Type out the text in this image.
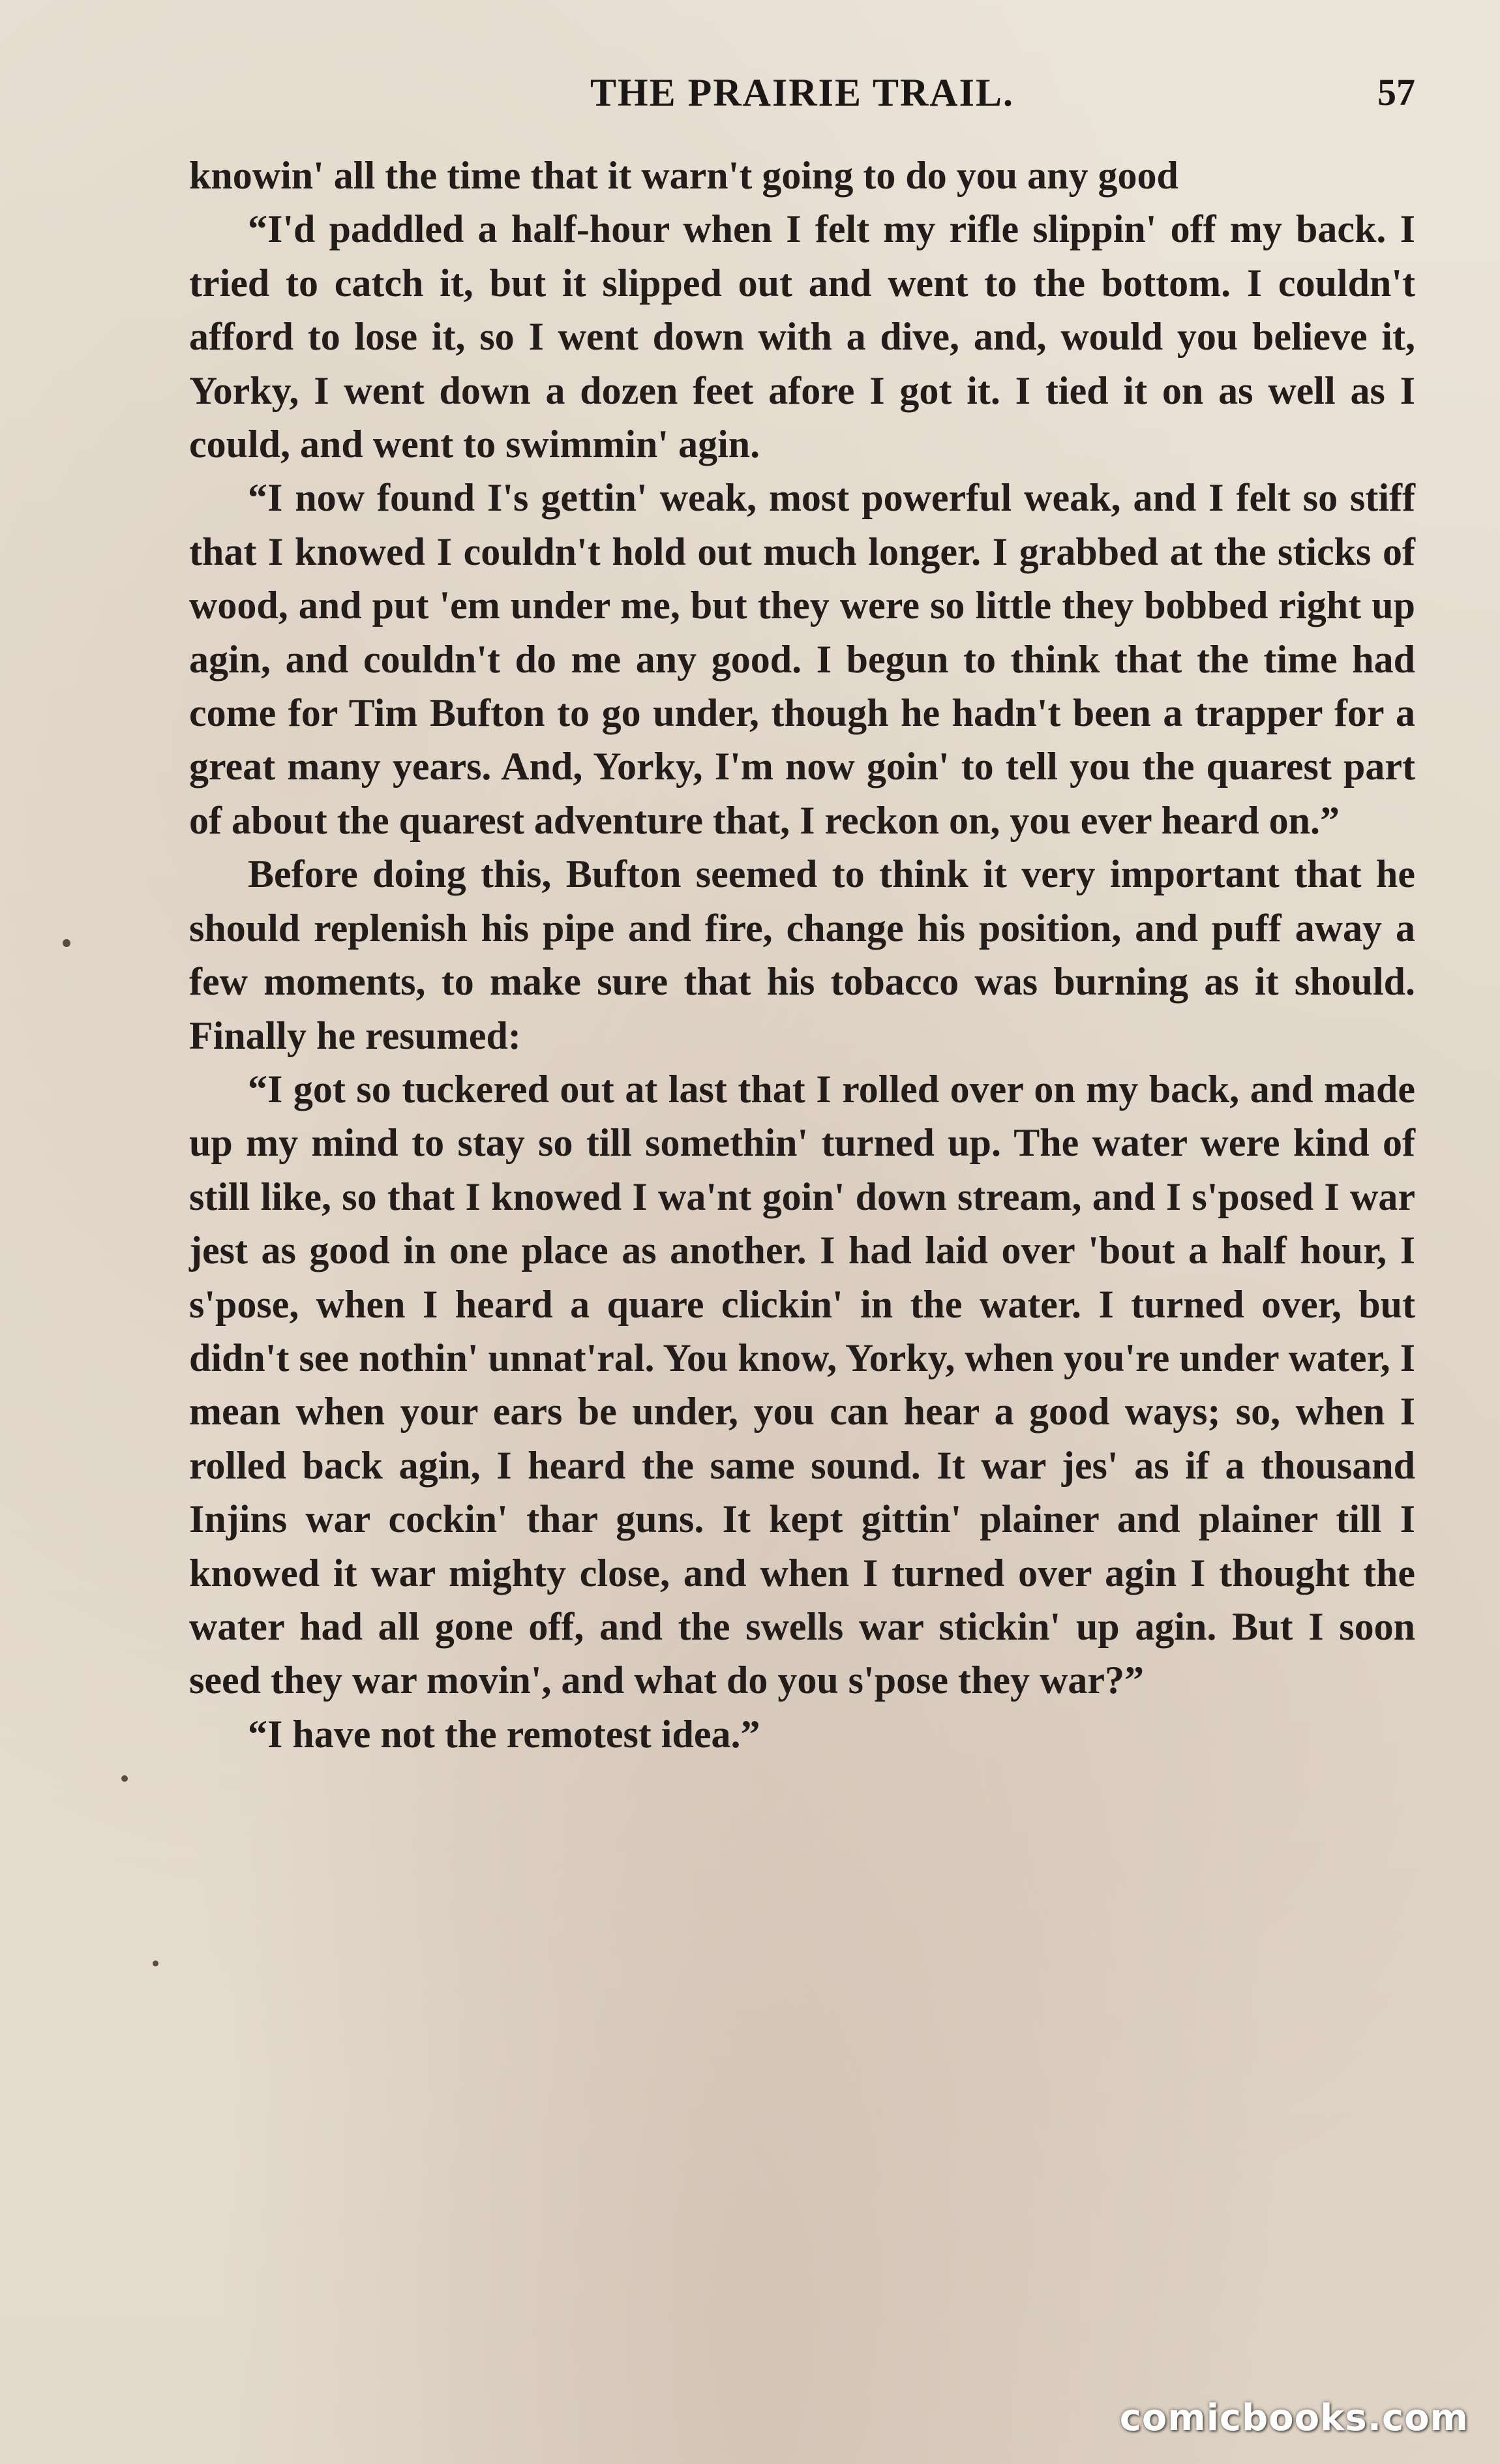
THE PRAIRIE TRAIL.	57

knowin' all the time that it warn't going to do you any good

“I'd paddled a half-hour when I felt my rifle slippin' off my back. I tried to catch it, but it slipped out and went to the bottom. I couldn't afford to lose it, so I went down with a dive, and, would you believe it, Yorky, I went down a dozen feet afore I got it. I tied it on as well as I could, and went to swimmin' agin.

“I now found I's gettin' weak, most powerful weak, and I felt so stiff that I knowed I couldn't hold out much longer. I grabbed at the sticks of wood, and put 'em under me, but they were so little they bobbed right up agin, and couldn't do me any good. I begun to think that the time had come for Tim Bufton to go under, though he hadn't been a trapper for a great many years. And, Yorky, I'm now goin' to tell you the quarest part of about the quarest adventure that, I reckon on, you ever heard on.”

Before doing this, Bufton seemed to think it very important that he should replenish his pipe and fire, change his position, and puff away a few moments, to make sure that his tobacco was burning as it should. Finally he resumed:

“I got so tuckered out at last that I rolled over on my back, and made up my mind to stay so till somethin' turned up. The water were kind of still like, so that I knowed I wa'nt goin' down stream, and I s'posed I war jest as good in one place as another. I had laid over 'bout a half hour, I s'pose, when I heard a quare clickin' in the water. I turned over, but didn't see nothin' unnat'ral. You know, Yorky, when you're under water, I mean when your ears be under, you can hear a good ways; so, when I rolled back agin, I heard the same sound. It war jes' as if a thousand Injins war cockin' thar guns. It kept gittin' plainer and plainer till I knowed it war mighty close, and when I turned over agin I thought the water had all gone off, and the swells war stickin' up agin. But I soon seed they war movin', and what do you s'pose they war?”

“I have not the remotest idea.”

comicbooks.com
